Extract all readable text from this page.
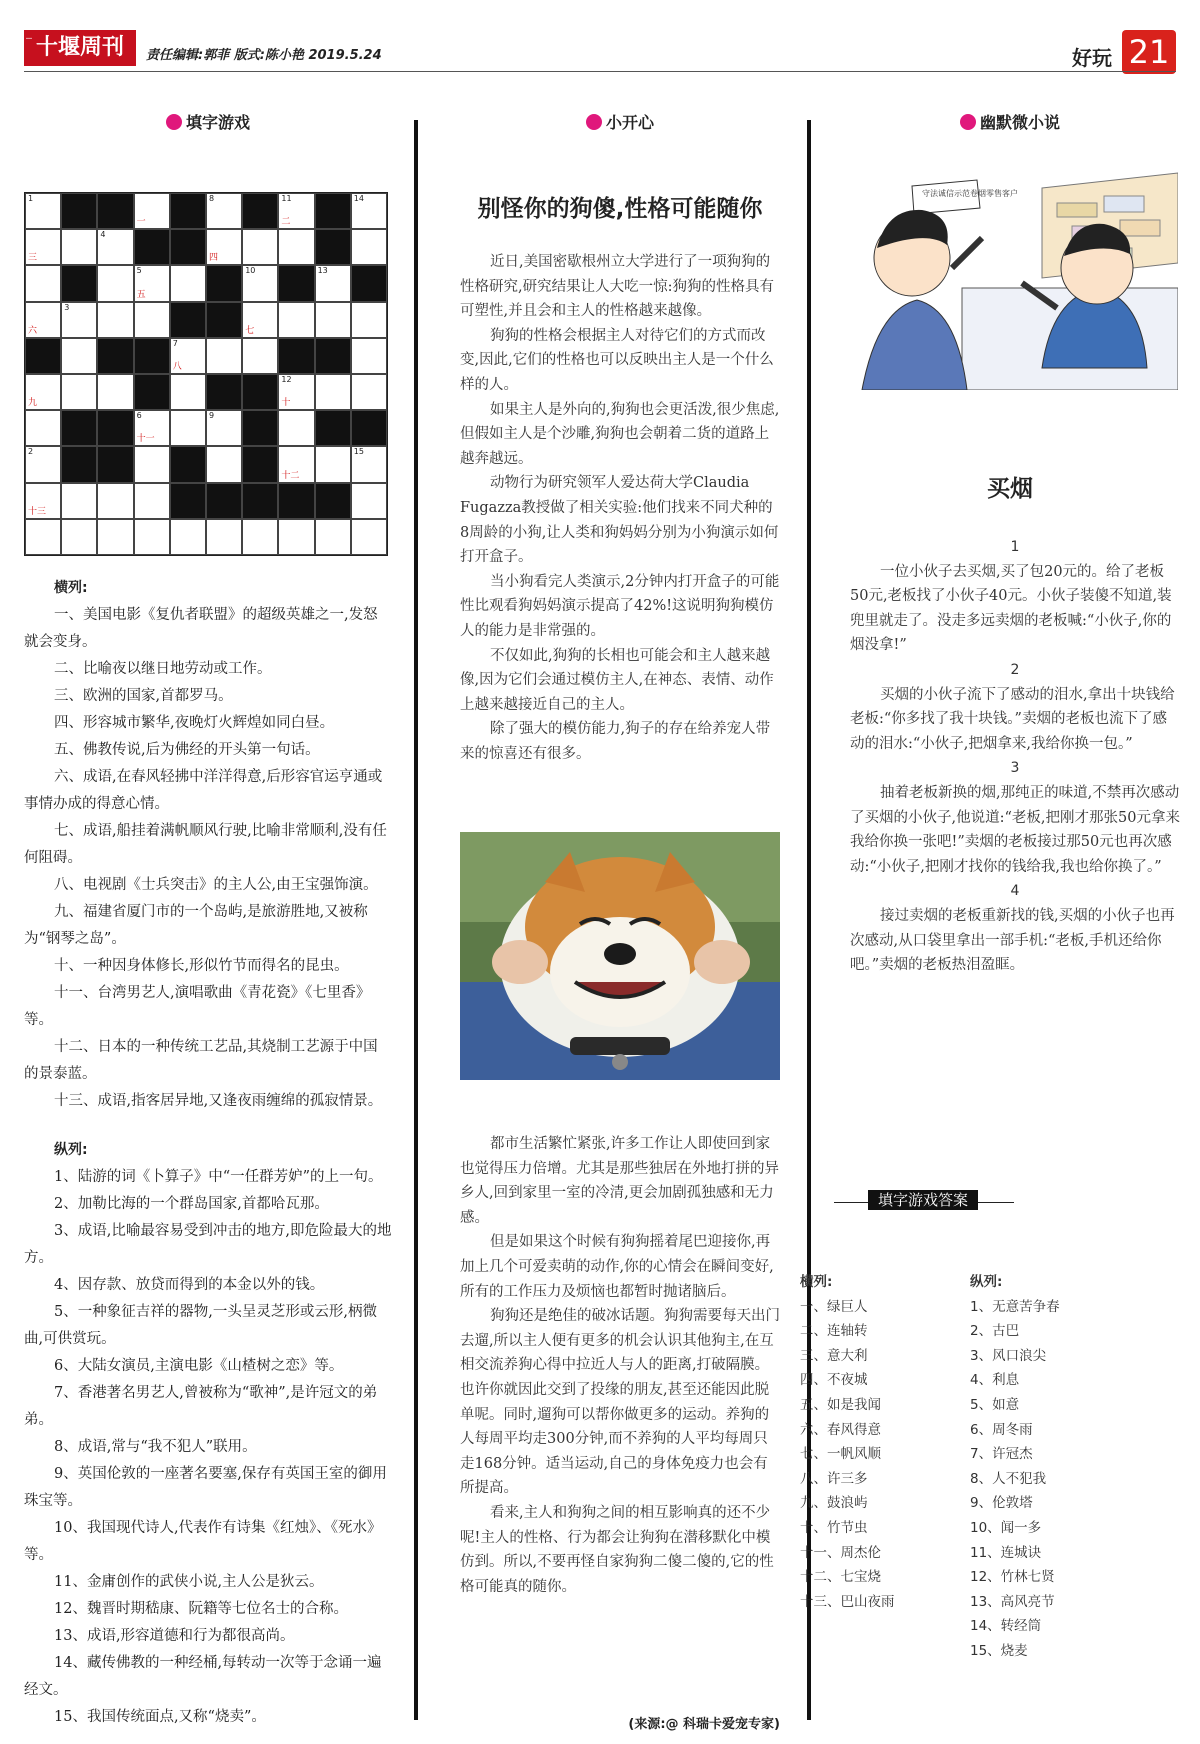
… 十堰周刊	责任编辑:郭菲 版式:陈小艳 2019.5.24	好玩 21
填字游戏
1
一
8	11
二
14
三
4
四
5
五
10	13
六
3
七
7
八
九
12
十
6
十一
9
2
十二
15
十三
横列:

一、美国电影《复仇者联盟》的超级英雄之一,发怒就会变身。

二、比喻夜以继日地劳动或工作。

三、欧洲的国家,首都罗马。

四、形容城市繁华,夜晚灯火辉煌如同白昼。

五、佛教传说,后为佛经的开头第一句话。

六、成语,在春风轻拂中洋洋得意,后形容官运亨通或事情办成的得意心情。

七、成语,船挂着满帆顺风行驶,比喻非常顺利,没有任何阻碍。

八、电视剧《士兵突击》的主人公,由王宝强饰演。

九、福建省厦门市的一个岛屿,是旅游胜地,又被称为“钢琴之岛”。

十、一种因身体修长,形似竹节而得名的昆虫。

十一、台湾男艺人,演唱歌曲《青花瓷》《七里香》等。

十二、日本的一种传统工艺品,其烧制工艺源于中国的景泰蓝。

十三、成语,指客居异地,又逢夜雨缠绵的孤寂情景。

纵列:

1、陆游的词《卜算子》中“一任群芳妒”的上一句。

2、加勒比海的一个群岛国家,首都哈瓦那。

3、成语,比喻最容易受到冲击的地方,即危险最大的地方。

4、因存款、放贷而得到的本金以外的钱。

5、一种象征吉祥的器物,一头呈灵芝形或云形,柄微曲,可供赏玩。

6、大陆女演员,主演电影《山楂树之恋》等。

7、香港著名男艺人,曾被称为“歌神”,是许冠文的弟弟。

8、成语,常与“我不犯人”联用。

9、英国伦敦的一座著名要塞,保存有英国王室的御用珠宝等。

10、我国现代诗人,代表作有诗集《红烛》、《死水》等。

11、金庸创作的武侠小说,主人公是狄云。

12、魏晋时期嵇康、阮籍等七位名士的合称。

13、成语,形容道德和行为都很高尚。

14、藏传佛教的一种经桶,每转动一次等于念诵一遍经文。

15、我国传统面点,又称“烧卖”。

小开心
别怪你的狗傻,性格可能随你

近日,美国密歇根州立大学进行了一项狗狗的性格研究,研究结果让人大吃一惊:狗狗的性格具有可塑性,并且会和主人的性格越来越像。

狗狗的性格会根据主人对待它们的方式而改变,因此,它们的性格也可以反映出主人是一个什么样的人。

如果主人是外向的,狗狗也会更活泼,很少焦虑,但假如主人是个沙雕,狗狗也会朝着二货的道路上越奔越远。

动物行为研究领军人爱达荷大学Claudia Fugazza教授做了相关实验:他们找来不同犬种的8周龄的小狗,让人类和狗妈妈分别为小狗演示如何打开盒子。

当小狗看完人类演示,2分钟内打开盒子的可能性比观看狗妈妈演示提高了42%!这说明狗狗模仿人的能力是非常强的。

不仅如此,狗狗的长相也可能会和主人越来越像,因为它们会通过模仿主人,在神态、表情、动作上越来越接近自己的主人。

除了强大的模仿能力,狗子的存在给养宠人带来的惊喜还有很多。

都市生活繁忙紧张,许多工作让人即使回到家也觉得压力倍增。尤其是那些独居在外地打拼的异乡人,回到家里一室的冷清,更会加剧孤独感和无力感。

但是如果这个时候有狗狗摇着尾巴迎接你,再加上几个可爱卖萌的动作,你的心情会在瞬间变好,所有的工作压力及烦恼也都暂时抛诸脑后。

狗狗还是绝佳的破冰话题。狗狗需要每天出门去遛,所以主人便有更多的机会认识其他狗主,在互相交流养狗心得中拉近人与人的距离,打破隔膜。也许你就因此交到了投缘的朋友,甚至还能因此脱单呢。同时,遛狗可以帮你做更多的运动。养狗的人每周平均走300分钟,而不养狗的人平均每周只走168分钟。适当运动,自己的身体免疫力也会有所提高。

看来,主人和狗狗之间的相互影响真的还不少呢!主人的性格、行为都会让狗狗在潜移默化中模仿到。所以,不要再怪自家狗狗二傻二傻的,它的性格可能真的随你。

(来源:@ 科瑞卡爱宠专家)
幽默微小说
守法诚信示范卷烟零售客户
买烟
1

一位小伙子去买烟,买了包20元的。给了老板50元,老板找了小伙子40元。小伙子装傻不知道,装兜里就走了。没走多远卖烟的老板喊:“小伙子,你的烟没拿!”

2

买烟的小伙子流下了感动的泪水,拿出十块钱给老板:“你多找了我十块钱。”卖烟的老板也流下了感动的泪水:“小伙子,把烟拿来,我给你换一包。”

3

抽着老板新换的烟,那纯正的味道,不禁再次感动了买烟的小伙子,他说道:“老板,把刚才那张50元拿来我给你换一张吧!”卖烟的老板接过那50元也再次感动:“小伙子,把刚才找你的钱给我,我也给你换了。”

4

接过卖烟的老板重新找的钱,买烟的小伙子也再次感动,从口袋里拿出一部手机:“老板,手机还给你吧。”卖烟的老板热泪盈眶。

填字游戏答案
横列:
一、绿巨人
二、连轴转
三、意大利
四、不夜城
五、如是我闻
六、春风得意
七、一帆风顺
八、许三多
九、鼓浪屿
十、竹节虫
十一、周杰伦
十二、七宝烧
十三、巴山夜雨
纵列:
1、无意苦争春
2、古巴
3、风口浪尖
4、利息
5、如意
6、周冬雨
7、许冠杰
8、人不犯我
9、伦敦塔
10、闻一多
11、连城诀
12、竹林七贤
13、高风亮节
14、转经筒
15、烧麦
